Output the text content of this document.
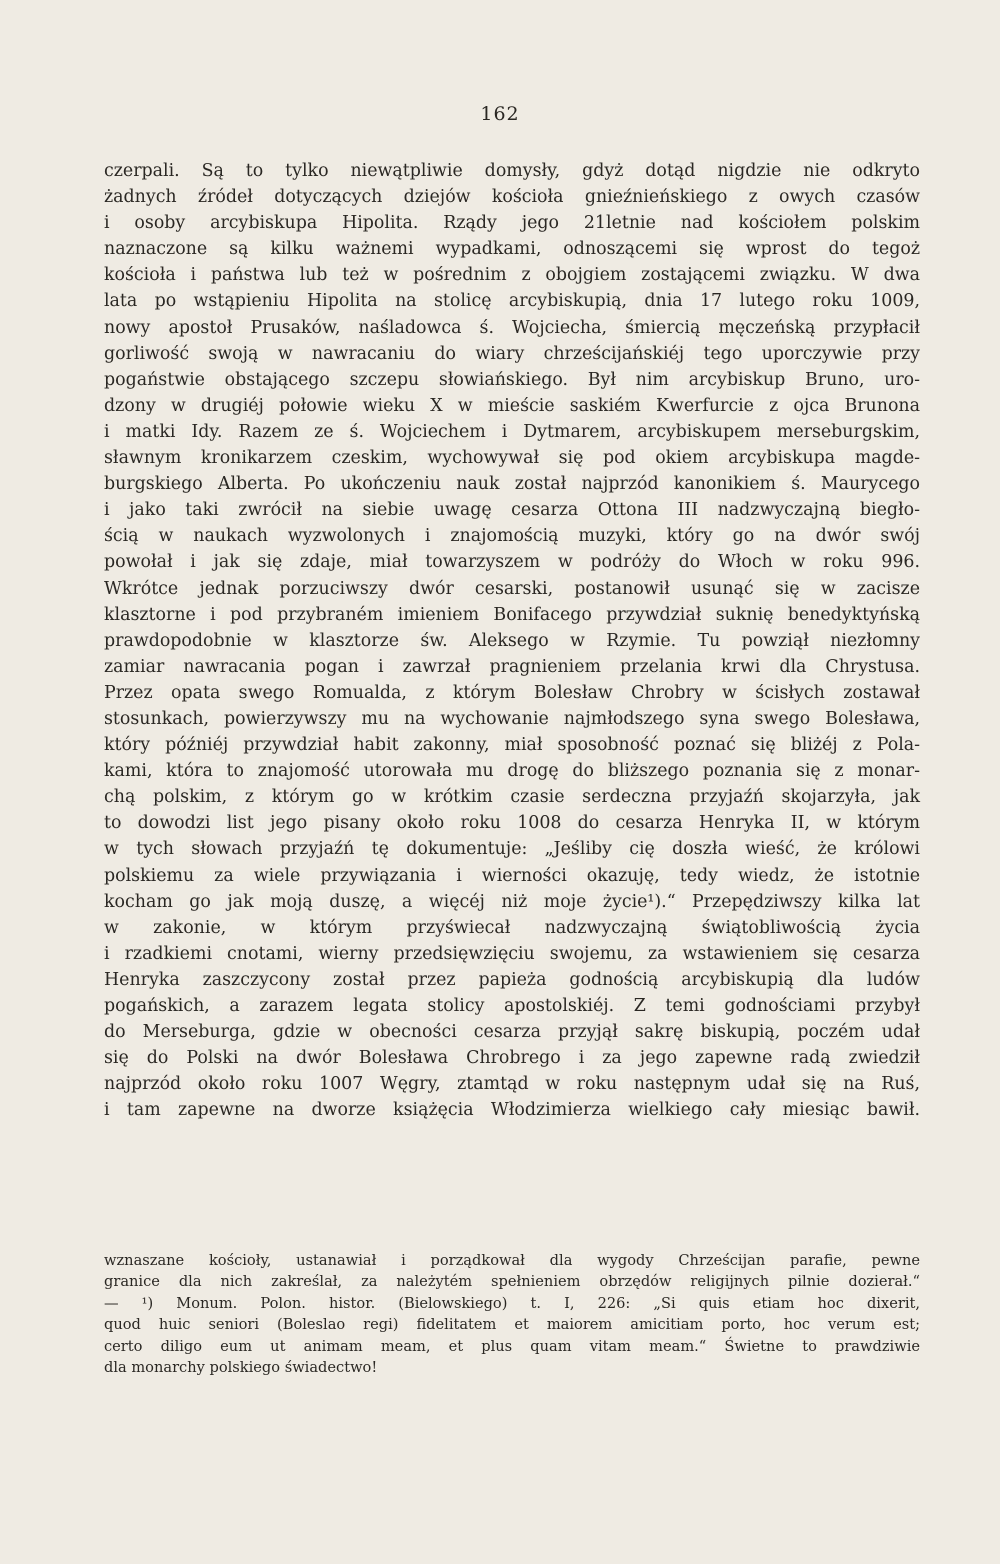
162
czerpali. Są to tylko niewątpliwie domysły, gdyż dotąd nigdzie nie odkryto
żadnych źródeł dotyczących dziejów kościoła gnieźnieńskiego z owych czasów
i osoby arcybiskupa Hipolita. Rządy jego 21letnie nad kościołem polskim
naznaczone są kilku ważnemi wypadkami, odnoszącemi się wprost do tegoż
kościoła i państwa lub też w pośrednim z obojgiem zostającemi związku. W dwa
lata po wstąpieniu Hipolita na stolicę arcybiskupią, dnia 17 lutego roku 1009,
nowy apostoł Prusaków, naśladowca ś. Wojciecha, śmiercią męczeńską przypłacił
gorliwość swoją w nawracaniu do wiary chrześcijańskiéj tego uporczywie przy
pogaństwie obstającego szczepu słowiańskiego. Był nim arcybiskup Bruno, uro-
dzony w drugiéj połowie wieku X w mieście saskiém Kwerfurcie z ojca Brunona
i matki Idy. Razem ze ś. Wojciechem i Dytmarem, arcybiskupem merseburgskim,
sławnym kronikarzem czeskim, wychowywał się pod okiem arcybiskupa magde-
burgskiego Alberta. Po ukończeniu nauk został najprzód kanonikiem ś. Maurycego
i jako taki zwrócił na siebie uwagę cesarza Ottona III nadzwyczajną biegło-
ścią w naukach wyzwolonych i znajomością muzyki, który go na dwór swój
powołał i jak się zdaje, miał towarzyszem w podróży do Włoch w roku 996.
Wkrótce jednak porzuciwszy dwór cesarski, postanowił usunąć się w zacisze
klasztorne i pod przybraném imieniem Bonifacego przywdział suknię benedyktyńską
prawdopodobnie w klasztorze św. Aleksego w Rzymie. Tu powziął niezłomny
zamiar nawracania pogan i zawrzał pragnieniem przelania krwi dla Chrystusa.
Przez opata swego Romualda, z którym Bolesław Chrobry w ścisłych zostawał
stosunkach, powierzywszy mu na wychowanie najmłodszego syna swego Bolesława,
który późniéj przywdział habit zakonny, miał sposobność poznać się bliżéj z Pola-
kami, która to znajomość utorowała mu drogę do bliższego poznania się z monar-
chą polskim, z którym go w krótkim czasie serdeczna przyjaźń skojarzyła, jak
to dowodzi list jego pisany około roku 1008 do cesarza Henryka II, w którym
w tych słowach przyjaźń tę dokumentuje: „Jeśliby cię doszła wieść, że królowi
polskiemu za wiele przywiązania i wierności okazuję, tedy wiedz, że istotnie
kocham go jak moją duszę, a więcéj niż moje życie¹).“ Przepędziwszy kilka lat
w zakonie, w którym przyświecał nadzwyczajną świątobliwością życia
i rzadkiemi cnotami, wierny przedsięwzięciu swojemu, za wstawieniem się cesarza
Henryka zaszczycony został przez papieża godnością arcybiskupią dla ludów
pogańskich, a zarazem legata stolicy apostolskiéj. Z temi godnościami przybył
do Merseburga, gdzie w obecności cesarza przyjął sakrę biskupią, poczém udał
się do Polski na dwór Bolesława Chrobrego i za jego zapewne radą zwiedził
najprzód około roku 1007 Węgry, ztamtąd w roku następnym udał się na Ruś,
i tam zapewne na dworze książęcia Włodzimierza wielkiego cały miesiąc bawił.
wznaszane kościoły, ustanawiał i porządkował dla wygody Chrześcijan parafie, pewne
granice dla nich zakreślał, za należytém spełnieniem obrzędów religijnych pilnie dozierał.“
— ¹) Monum. Polon. histor. (Bielowskiego) t. I, 226: „Si quis etiam hoc dixerit,
quod huic seniori (Boleslao regi) fidelitatem et maiorem amicitiam porto, hoc verum est;
certo diligo eum ut animam meam, et plus quam vitam meam.“ Świetne to prawdziwie
dla monarchy polskiego świadectwo!
